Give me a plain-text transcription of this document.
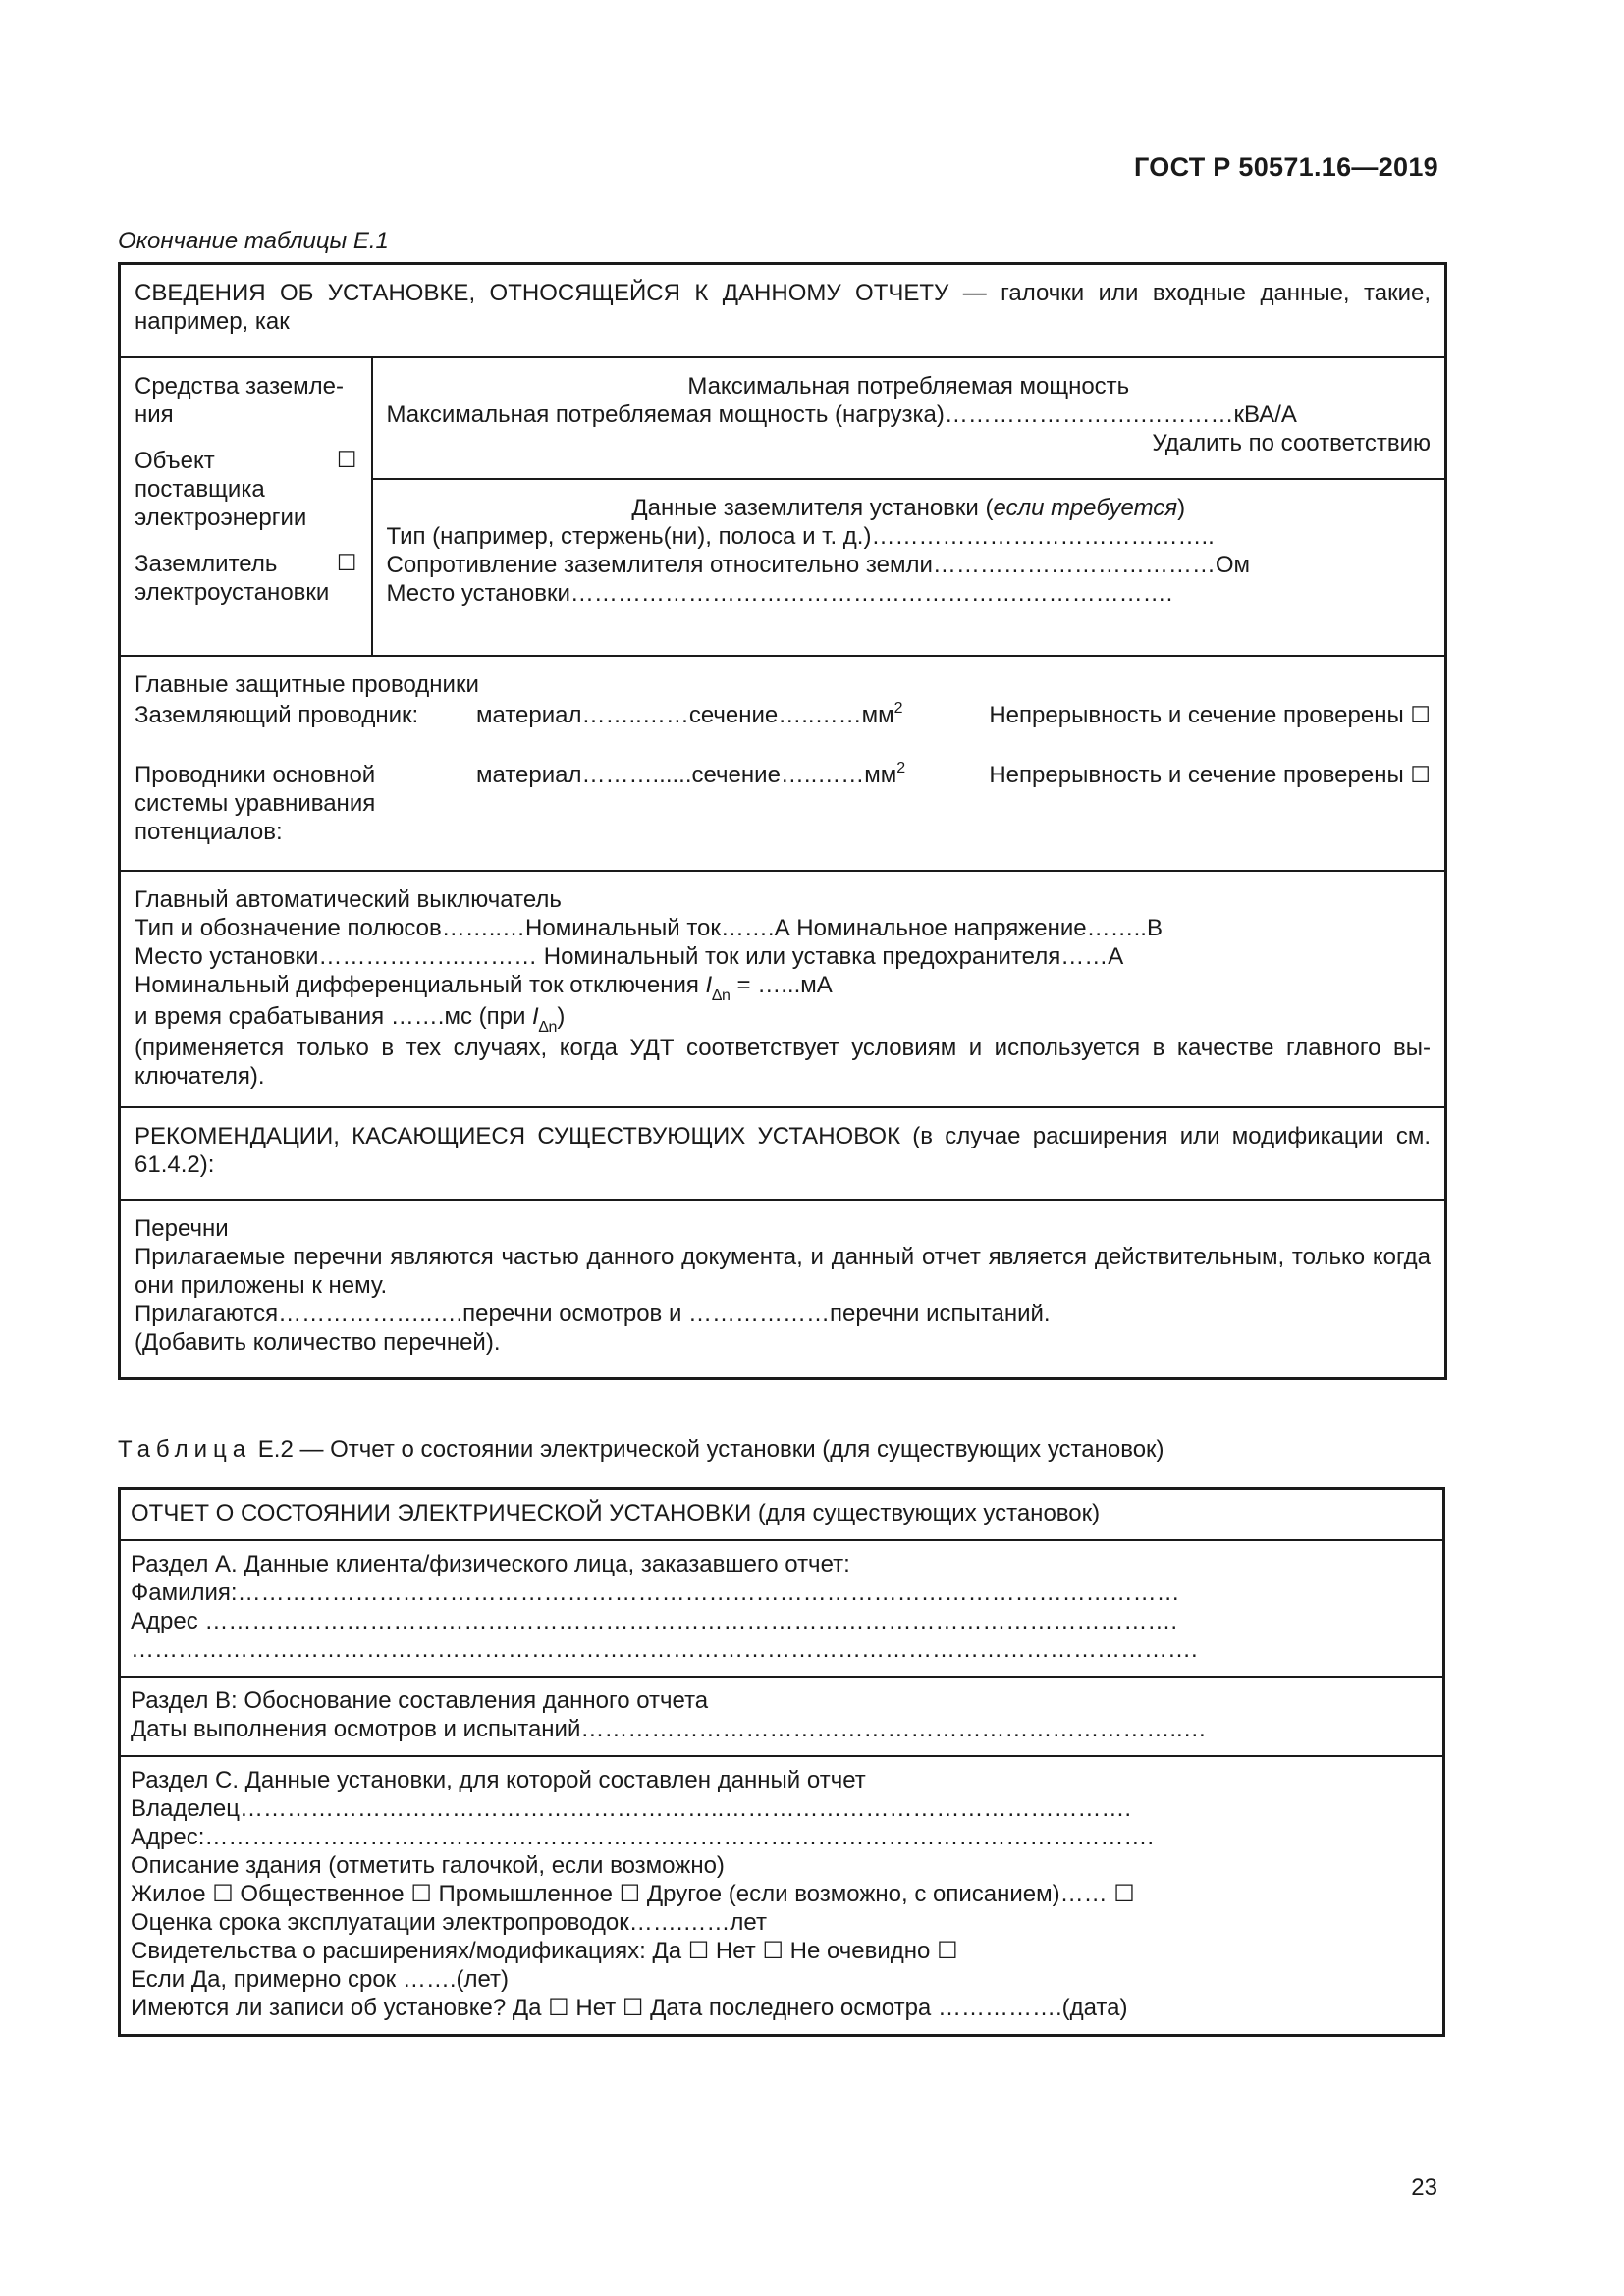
ГОСТ Р 50571.16—2019
Окончание таблицы Е.1
СВЕДЕНИЯ ОБ УСТАНОВКЕ, ОТНОСЯЩЕЙСЯ К ДАННОМУ ОТЧЕТУ — галочки или входные данные, такие, например, как

Средства заземле-
ния
Объект	☐
поставщика
электроэнергии
Заземлитель	☐
электроустановки

Максимальная потребляемая мощность
Максимальная потребляемая мощность (нагрузка)…………………….…………кВА/А
Удалить по соответствию

Данные заземлителя установки (если требуется)
Тип (например, стержень(ни), полоса и т. д.)……………………………………..
Сопротивление заземлителя относительно земли………………………………Ом
Место установки………………………………………………….……………….

Главные защитные проводники
Заземляющий проводник:	$материал\dots\dots..\dots\dots сечение\dots..\dots\dots мм^2$	Непрерывность и сечение проверены ☐
Проводники основной
системы уравнивания
потенциалов:
$материал\dots\dots\dots......сечение\dots..\dots\dots мм^2$	Непрерывность и сечение проверены ☐

Главный автоматический выключатель
Тип и обозначение полюсов……..…Номинальный ток…….А Номинальное напряжение……..В
Место установки……………….……… Номинальный ток или уставка предохранителя……А
Номинальный дифференциальный ток отключения $I_{\Delta n}$ = …...мА
и время срабатывания …….мс (при $I_{\Delta n}$)
(применяется только в тех случаях, когда УДТ соответствует условиям и используется в качестве главного вы-ключателя).

РЕКОМЕНДАЦИИ, КАСАЮЩИЕСЯ СУЩЕСТВУЮЩИХ УСТАНОВОК (в случае расширения или модификации см. 61.4.2):

Перечни
Прилагаемые перечни являются частью данного документа, и данный отчет является действительным, только когда они приложены к нему.
Прилагаются………………..….перечни осмотров и ………………перечни испытаний.
(Добавить количество перечней).
Таблица Е.2 — Отчет о состоянии электрической установки (для существующих установок)
ОТЧЕТ О СОСТОЯНИИ ЭЛЕКТРИЧЕСКОЙ УСТАНОВКИ (для существующих установок)

Раздел А. Данные клиента/физического лица, заказавшего отчет:
Фамилия:…………………………………………………………………………………………………………
Адрес …………………………………………………………………………………………………………….
……………………………………………………………………………………………………………………….

Раздел В: Обоснование составления данного отчета
Даты выполнения осмотров и испытаний…………………………………………………………………..…

Раздел С. Данные установки, для которой составлен данный отчет
Владелец……………………………………………………..…………………………………………….
Адрес:………………………………………………………………………………………………………….
Описание здания (отметить галочкой, если возможно)
Жилое ☐ Общественное ☐ Промышленное ☐ Другое (если возможно, с описанием)…… ☐
Оценка срока эксплуатации электропроводок…….……лет
Свидетельства о расширениях/модификациях: Да ☐ Нет ☐ Не очевидно ☐
Если Да, примерно срок …….(лет)
Имеются ли записи об установке? Да ☐ Нет ☐ Дата последнего осмотра …………….(дата)
23
